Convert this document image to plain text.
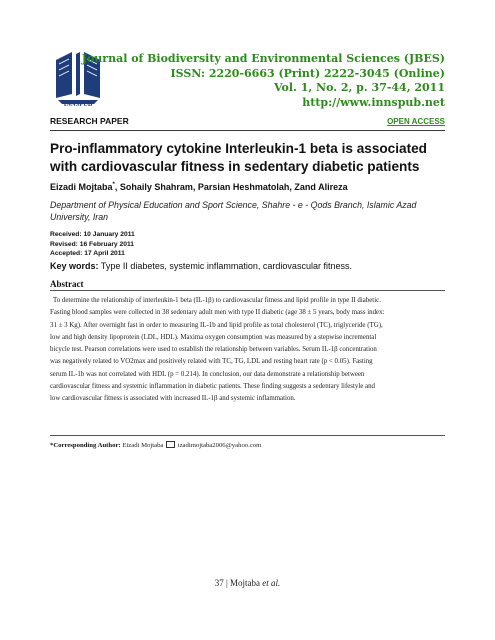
INNSPUB
Journal of Biodiversity and Environmental Sciences (JBES)
ISSN: 2220-6663 (Print) 2222-3045 (Online)
Vol. 1, No. 2, p. 37-44, 2011
http://www.innspub.net
RESEARCH PAPER	OPEN ACCESS
Pro-inflammatory cytokine Interleukin-1 beta is associated with cardiovascular fitness in sedentary diabetic patients
Eizadi Mojtaba*, Sohaily Shahram, Parsian Heshmatolah, Zand Alireza
Department of Physical Education and Sport Science, Shahre - e - Qods Branch, Islamic Azad University, Iran
Received: 10 January 2011
Revised: 16 February 2011
Accepted: 17 April 2011
Key words: Type II diabetes, systemic inflammation, cardiovascular fitness.
Abstract
To determine the relationship of interleukin-1 beta (IL-1β) to cardiovascular fitness and lipid profile in type II diabetic.
Fasting blood samples were collected in 38 sedentary adult men with type II diabetic (age 38 ± 5 years, body mass index:
31 ± 3 Kg). After overnight fast in order to measuring IL-1b and lipid profile as total cholesterol (TC), triglyceride (TG),
low and high density lipoprotein (LDL, HDL). Maxima oxygen consumption was measured by a stepwise incremental
bicycle test. Pearson correlations were used to establish the relationship between variables. Serum IL-1β concentration
was negatively related to VO2max and positively related with TC, TG, LDL and resting heart rate (p < 0.05). Fasting
serum IL-1b was not correlated with HDL (p = 0.214). In conclusion, our data demonstrate a relationship between
cardiovascular fitness and systemic inflammation in diabetic patients. These finding suggests a sedentary lifestyle and
low cardiovascular fitness is associated with increased IL-1β and systemic inflammation.
*Corresponding Author: Eizadi Mojtaba  izadimojtaba2006@yahoo.com
37 | Mojtaba et al.
